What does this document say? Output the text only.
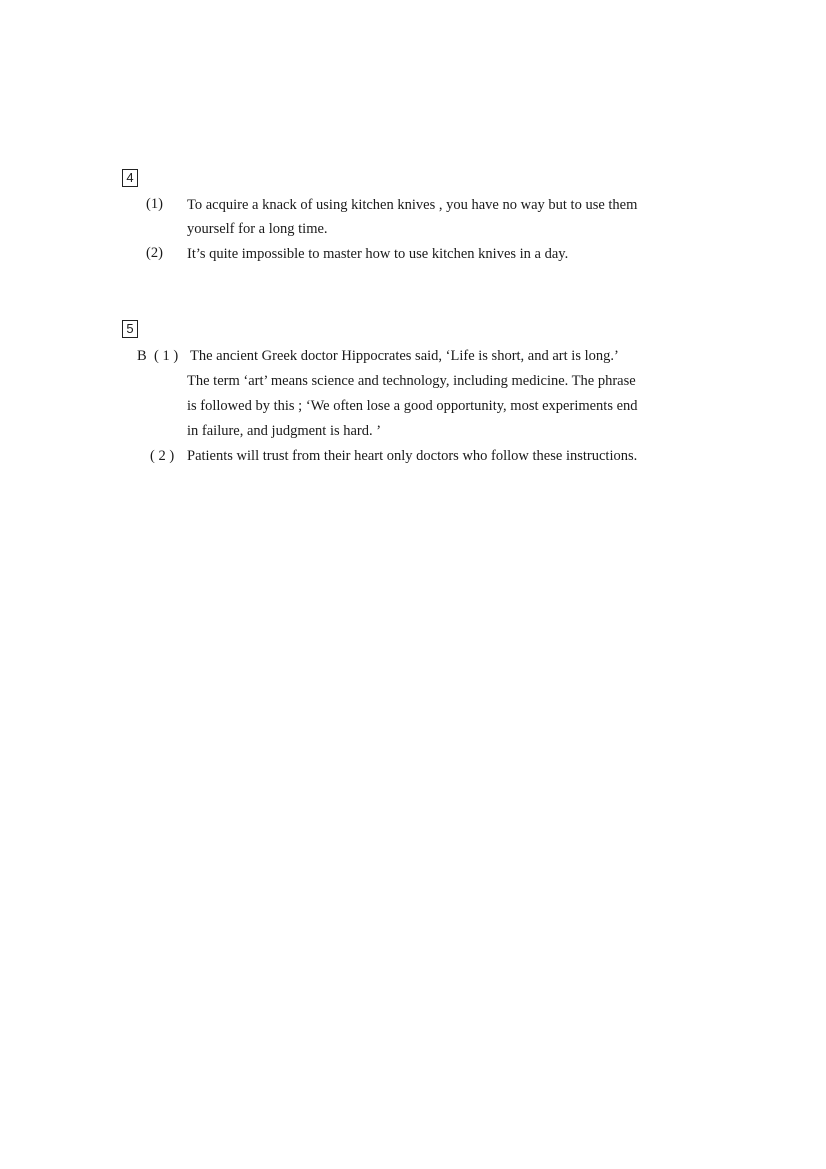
4
(1) To acquire a knack of using kitchen knives , you have no way but to use them
yourself for a long time.
(2) It’s quite impossible to master how to use kitchen knives in a day.
5
B ( 1 ) The ancient Greek doctor Hippocrates said, ‘Life is short, and art is long.’
The term ‘art’ means science and technology, including medicine. The phrase
is followed by this ; ‘We often lose a good opportunity, most experiments end
in failure, and judgment is hard. ’
( 2 ) Patients will trust from their heart only doctors who follow these instructions.
